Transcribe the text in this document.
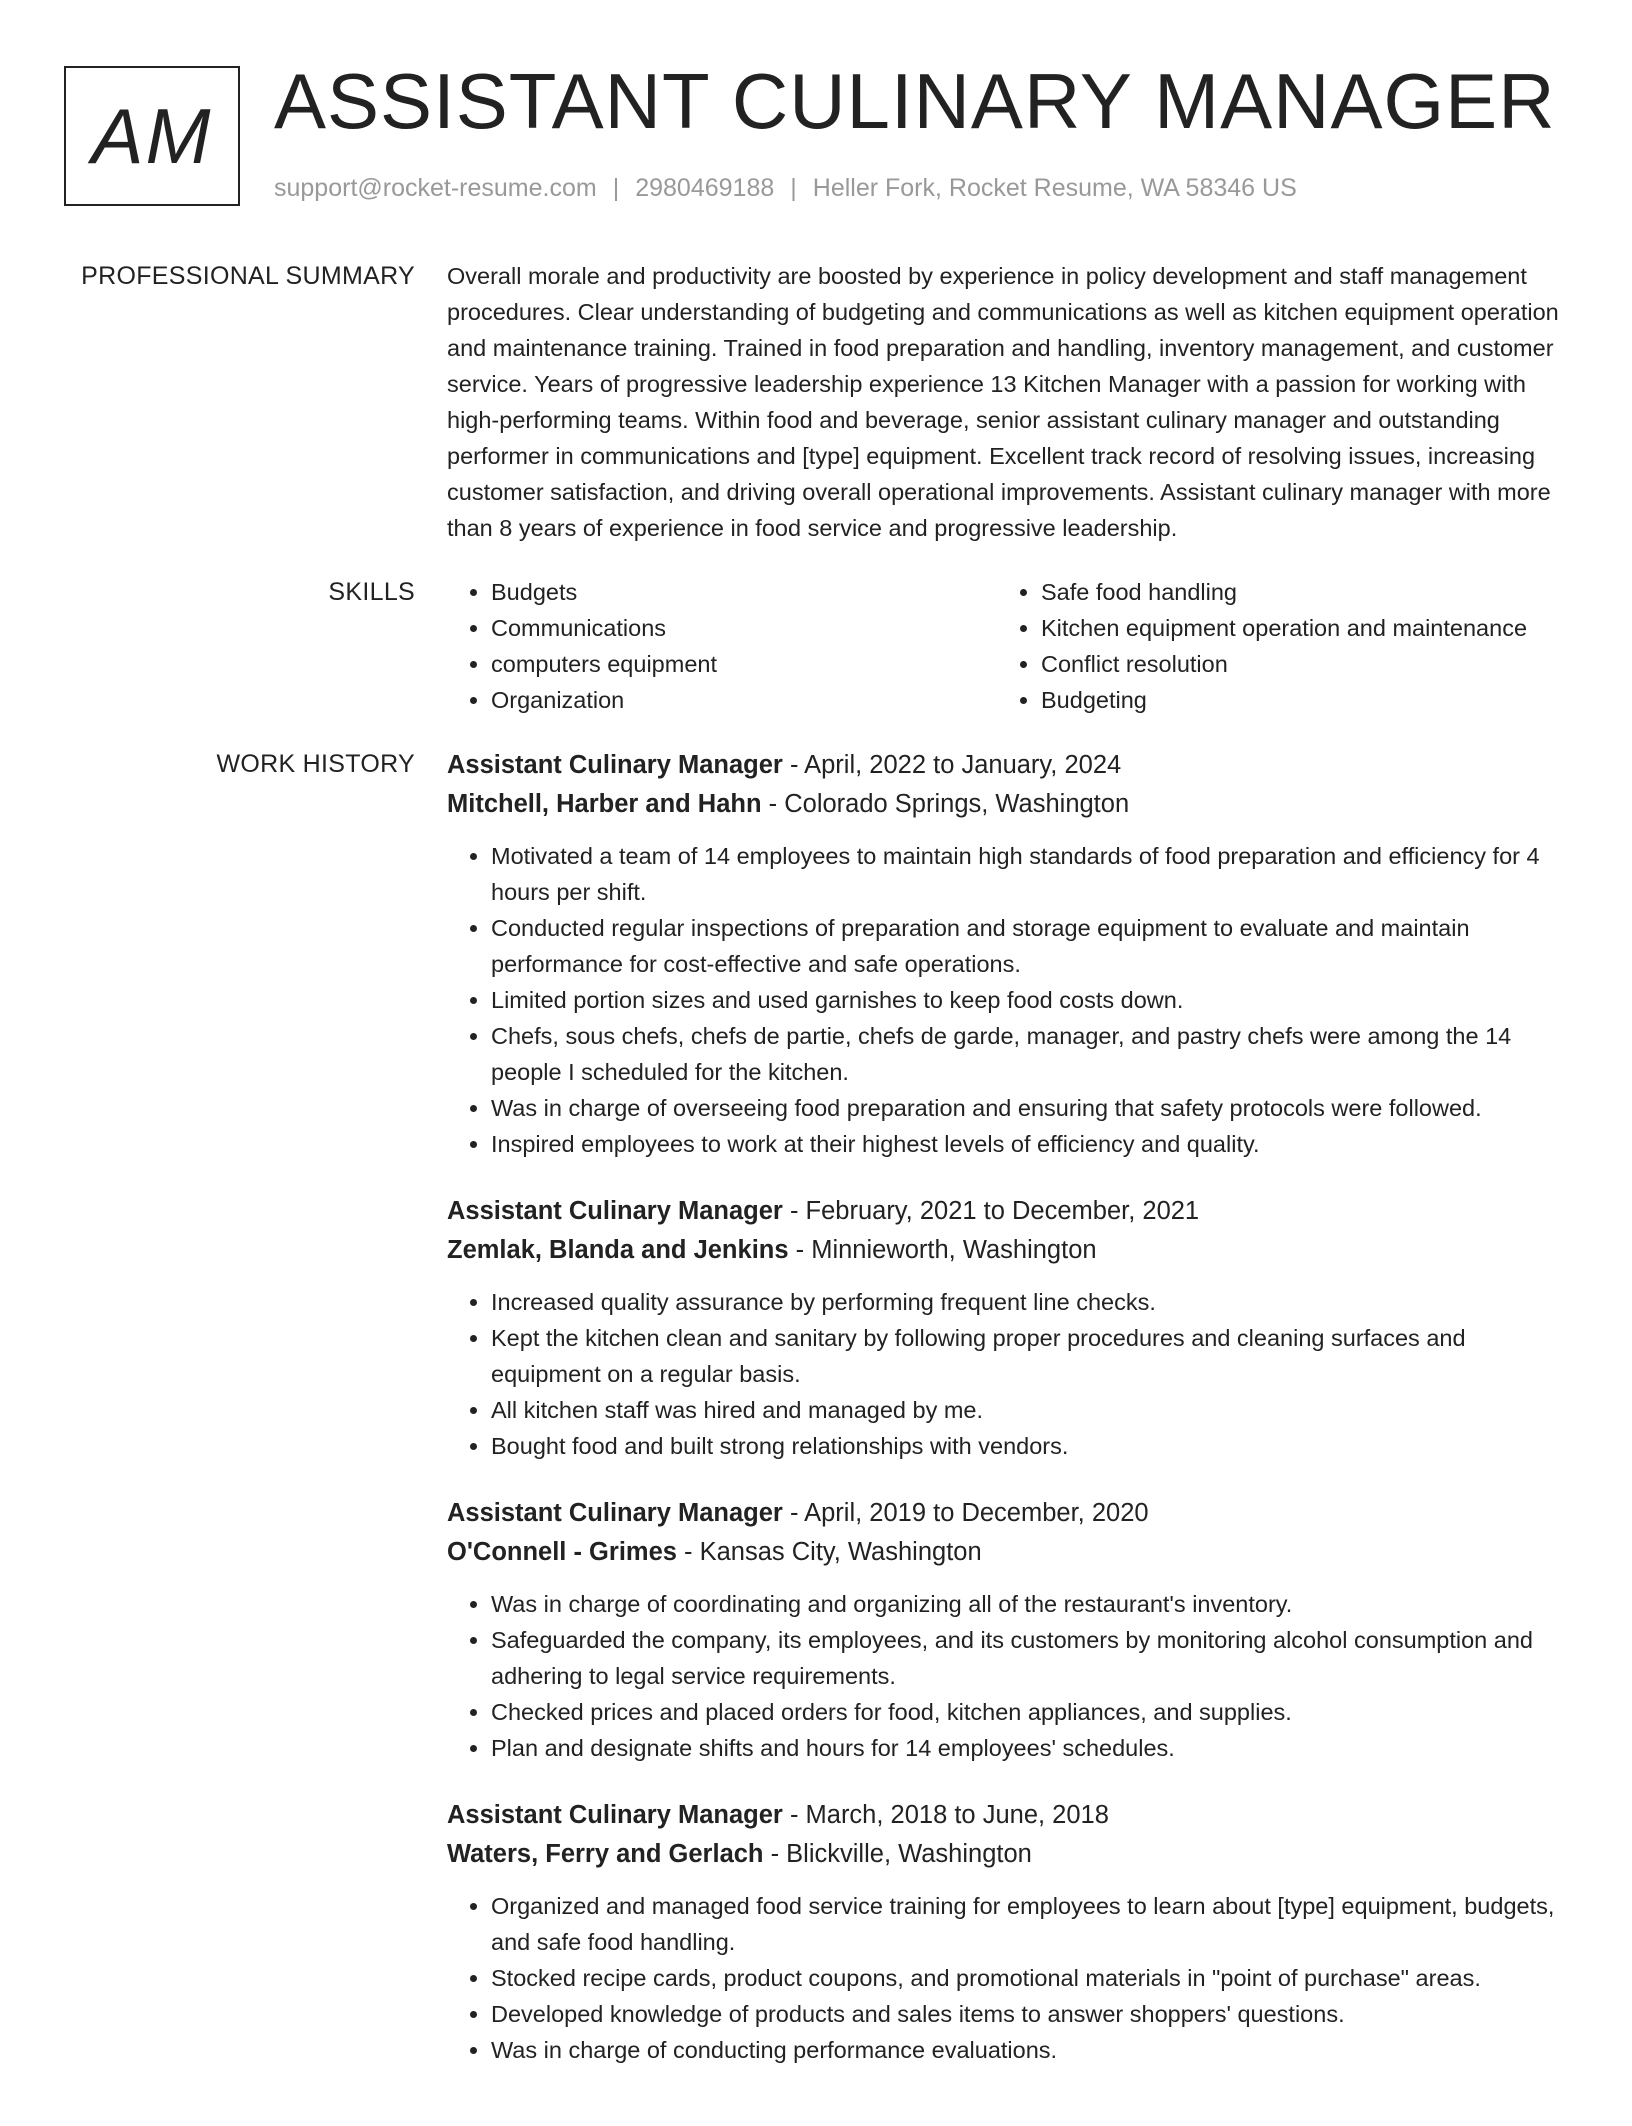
AM ASSISTANT CULINARY MANAGER
support@rocket-resume.com | 2980469188 | Heller Fork, Rocket Resume, WA 58346 US
PROFESSIONAL SUMMARY Overall morale and productivity are boosted by experience in policy development and staff management procedures. Clear understanding of budgeting and communications as well as kitchen equipment operation and maintenance training. Trained in food preparation and handling, inventory management, and customer service. Years of progressive leadership experience 13 Kitchen Manager with a passion for working with high-performing teams. Within food and beverage, senior assistant culinary manager and outstanding performer in communications and [type] equipment. Excellent track record of resolving issues, increasing customer satisfaction, and driving overall operational improvements. Assistant culinary manager with more than 8 years of experience in food service and progressive leadership.

SKILLS
•	Budgets
• Communications
• computers equipment
• Organization
• Safe food handling
• Kitchen equipment operation and maintenance
• Conflict resolution
• Budgeting
WORK HISTORY Assistant Culinary Manager - April, 2022 to January, 2024
Mitchell, Harber and Hahn - Colorado Springs, Washington
• Motivated a team of 14 employees to maintain high standards of food preparation and efficiency for 4 hours per shift.
• Conducted regular inspections of preparation and storage equipment to evaluate and maintain performance for cost-effective and safe operations.
• Limited portion sizes and used garnishes to keep food costs down.
• Chefs, sous chefs, chefs de partie, chefs de garde, manager, and pastry chefs were among the 14 people I scheduled for the kitchen.
• Was in charge of overseeing food preparation and ensuring that safety protocols were followed.
• Inspired employees to work at their highest levels of efficiency and quality.
Assistant Culinary Manager - February, 2021 to December, 2021
Zemlak, Blanda and Jenkins - Minnieworth, Washington
• Increased quality assurance by performing frequent line checks.
• Kept the kitchen clean and sanitary by following proper procedures and cleaning surfaces and equipment on a regular basis.
• All kitchen staff was hired and managed by me.
• Bought food and built strong relationships with vendors.
Assistant Culinary Manager - April, 2019 to December, 2020
O'Connell - Grimes - Kansas City, Washington
• Was in charge of coordinating and organizing all of the restaurant's inventory.
• Safeguarded the company, its employees, and its customers by monitoring alcohol consumption and adhering to legal service requirements.
• Checked prices and placed orders for food, kitchen appliances, and supplies.
• Plan and designate shifts and hours for 14 employees' schedules.
Assistant Culinary Manager - March, 2018 to June, 2018
Waters, Ferry and Gerlach - Blickville, Washington
• Organized and managed food service training for employees to learn about [type] equipment, budgets, and safe food handling.
• Stocked recipe cards, product coupons, and promotional materials in "point of purchase" areas.
• Developed knowledge of products and sales items to answer shoppers' questions.
• Was in charge of conducting performance evaluations.
